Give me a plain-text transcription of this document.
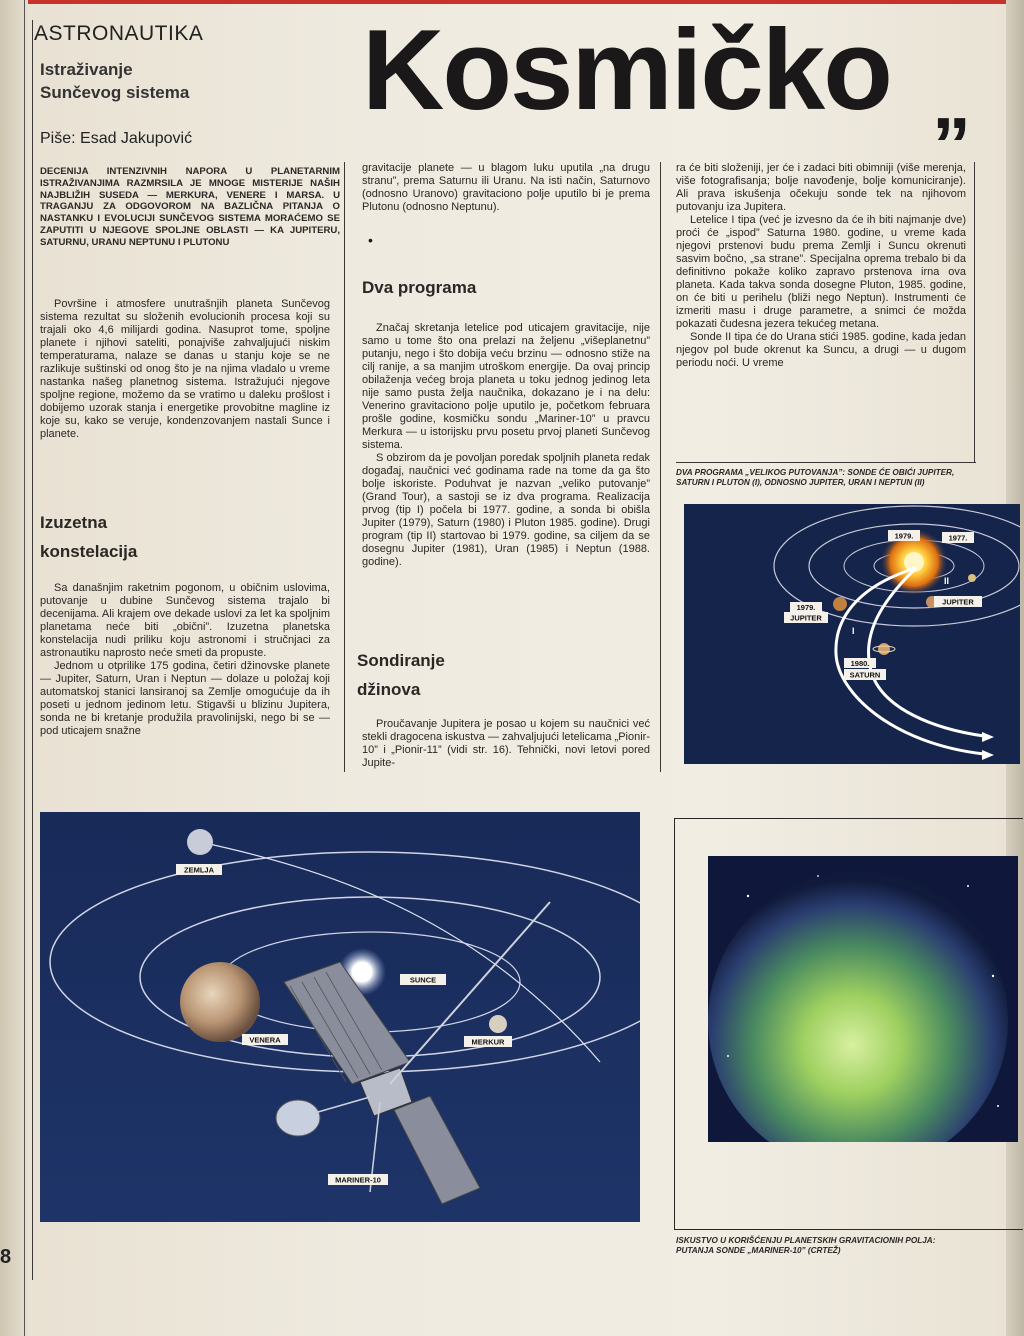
ASTRONAUTIKA
Istraživanje
Sunčevog sistema
Piše: Esad Jakupović
Kosmičko „
DECENIJA INTENZIVNIH NAPORA U PLANETARNIM ISTRAŽIVANJIMA RAZMRSILA JE MNOGE MISTERIJE NAŠIH NAJBLIŽIH SUSEDA — MERKURA, VENERE I MARSA. U TRAGANJU ZA ODGOVOROM NA BAZLIČNA PITANJA O NASTANKU I EVOLUCIJI SUNČEVOG SISTEMA MORAĆEMO SE ZAPUTITI U NJEGOVE SPOLJNE OBLASTI — KA JUPITERU, SATURNU, URANU NEPTUNU I PLUTONU

Površine i atmosfere unutrašnjih planeta Sunčevog sistema rezultat su složenih evolucionih procesa koji su trajali oko 4,6 milijardi godina. Nasuprot tome, spoljne planete i njihovi sateliti, ponajviše zahvaljujući niskim temperaturama, nalaze se danas u stanju koje se ne razlikuje suštinski od onog što je na njima vladalo u vreme nastanka našeg planetnog sistema. Istražujući njegove spoljne regione, možemo da se vratimo u daleku prošlost i dobijemo uzorak stanja i energetike provobitne magline iz koje su, kako se veruje, kondenzovanjem nastali Sunce i planete.

Izuzetna
konstelacija

Sa današnjim raketnim pogonom, u običnim uslovima, putovanje u dubine Sunčevog sistema trajalo bi decenijama. Ali krajem ove dekade uslovi za let ka spoljnim planetama neće biti „obični”. Izuzetna planetska konstelacija nudi priliku koju astronomi i stručnjaci za astronautiku naprosto neće smeti da propuste.

Jednom u otprilike 175 godina, četiri džinovske planete — Jupiter, Saturn, Uran i Neptun — dolaze u položaj koji automatskoj stanici lansiranoj sa Zemlje omogućuje da ih poseti u jednom jedinom letu. Stigavši u blizinu Jupitera, sonda ne bi kretanje produžila pravolinijski, nego bi se — pod uticajem snažne

gravitacije planete — u blagom luku uputila „na drugu stranu”, prema Saturnu ili Uranu. Na isti način, Saturnovo (odnosno Uranovo) gravitaciono polje uputilo bi je prema Plutonu (odnosno Neptunu).

•
Dva programa

Značaj skretanja letelice pod uticajem gravitacije, nije samo u tome što ona prelazi na željenu „višeplanetnu” putanju, nego i što dobija veću brzinu — odnosno stiže na cilj ranije, a sa manjim utroškom energije. Da ovaj princip obilaženja većeg broja planeta u toku jednog jedinog leta nije samo pusta želja naučnika, dokazano je i na delu: Venerino gravitaciono polje uputilo je, početkom februara prošle godine, kosmičku sondu „Mariner-10” u pravcu Merkura — u istorijsku prvu posetu prvoj planeti Sunčevog sistema.

S obzirom da je povoljan poredak spoljnih planeta redak događaj, naučnici već godinama rade na tome da ga što bolje iskoriste. Poduhvat je nazvan „veliko putovanje” (Grand Tour), a sastoji se iz dva programa. Realizacija prvog (tip I) počela bi 1977. godine, a sonda bi obišla Jupiter (1979), Saturn (1980) i Pluton 1985. godine). Drugi program (tip II) startovao bi 1979. godine, sa ciljem da se dosegnu Jupiter (1981), Uran (1985) i Neptun (1988. godine).

Sondiranje
džinova

Proučavanje Jupitera je posao u kojem su naučnici već stekli dragocena iskustva — zahvaljujući letelicama „Pionir-10” i „Pionir-11” (vidi str. 16). Tehnički, novi letovi pored Jupite-

ra će biti složeniji, jer će i zadaci biti obimniji (više merenja, više fotografisanja; bolje navođenje, bolje komuniciranje). Ali prava iskušenja očekuju sonde tek na njihovom putovanju iza Jupitera.

Letelice I tipa (već je izvesno da će ih biti najmanje dve) proći će „ispod” Saturna 1980. godine, u vreme kada njegovi prstenovi budu prema Zemlji i Suncu okrenuti sasvim bočno, „sa strane”. Specijalna oprema trebalo bi da definitivno pokaže koliko zapravo prstenova irna ova planeta. Kada takva sonda dosegne Pluton, 1985. godine, on će biti u perihelu (bliži nego Neptun). Instrumenti će izmeriti masu i druge parametre, a snimci će možda pokazati čudesna jezera tekućeg metana.

Sonde II tipa će do Urana stići 1985. godine, kada jedan njegov pol bude okrenut ka Suncu, a drugi — u dugom periodu noći. U vreme

DVA PROGRAMA „VELIKOG PUTOVANJA”: SONDE ĆE OBIĆI JUPITER, SATURN I PLUTON (I), ODNOSNO JUPITER, URAN I NEPTUN (II)
1979.	1977.
1979.
JUPITER
JUPITER
1980.
SATURN
I
II
ZEMLJA
SUNCE
VENERA	MERKUR
MARINER-10
ISKUSTVO U KORIŠĆENJU PLANETSKIH GRAVITACIONIH POLJA: PUTANJA SONDE „MARINER-10” (CRTEŽ)
8
